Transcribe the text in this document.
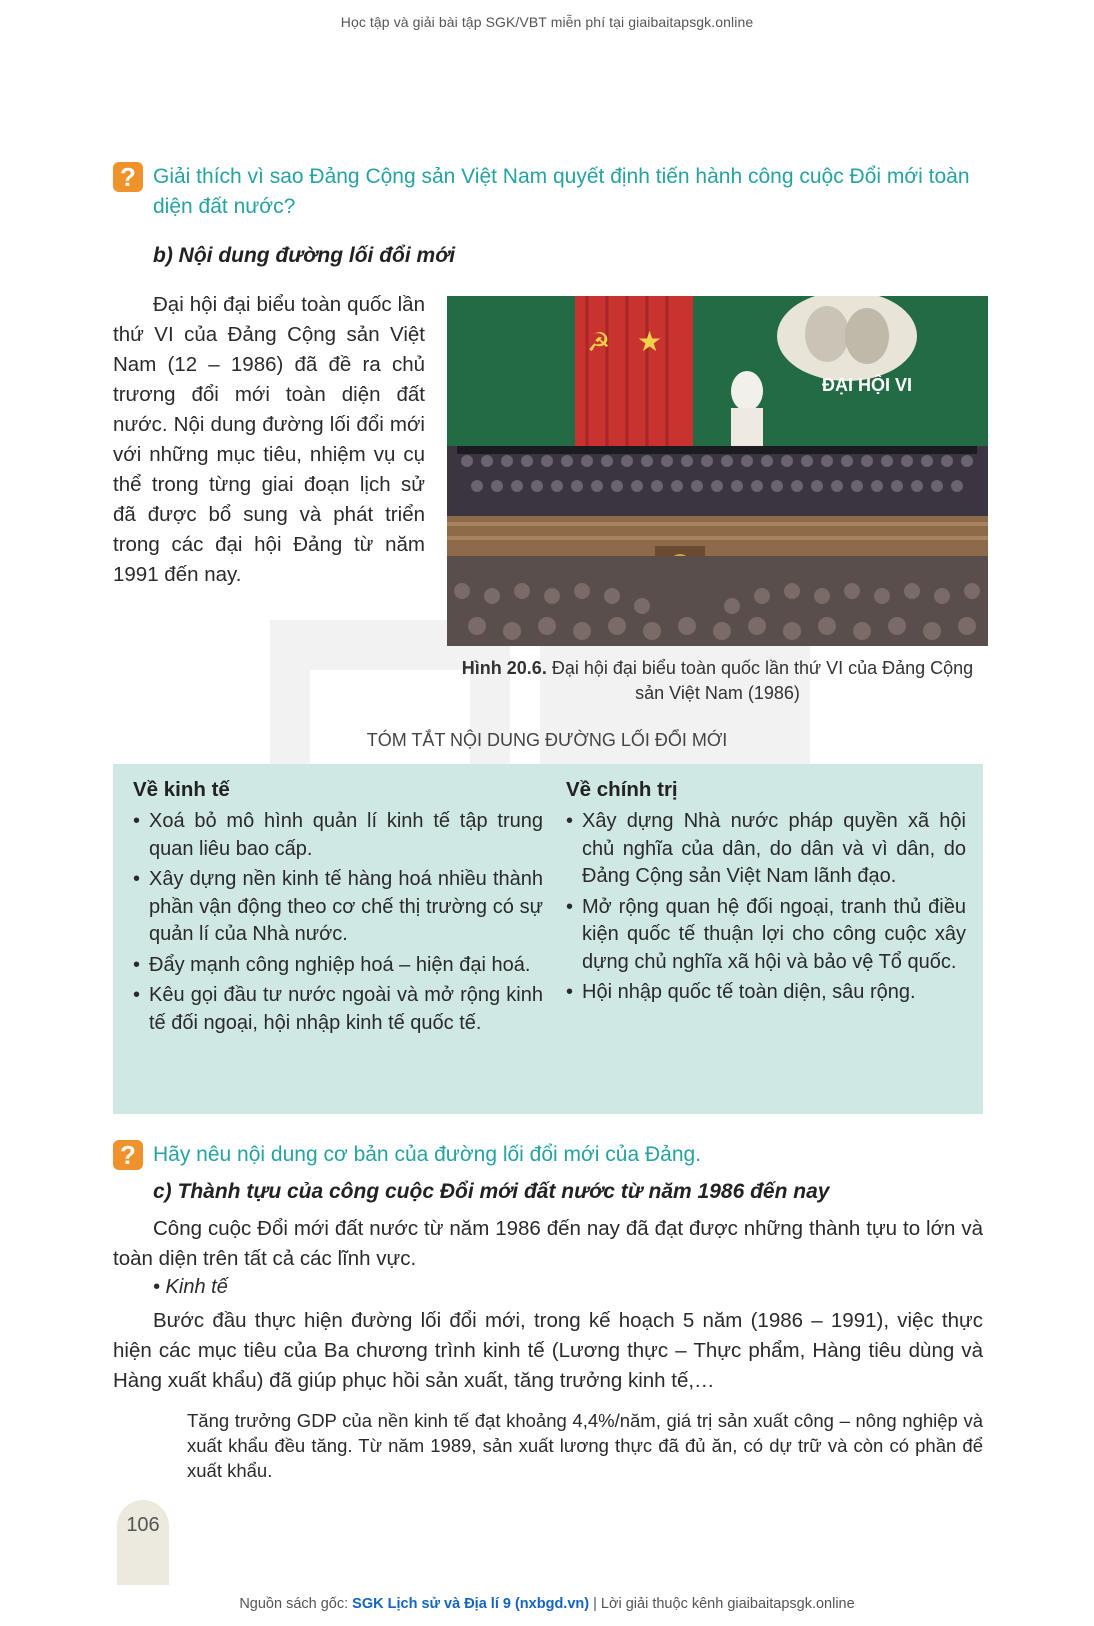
Học tập và giải bài tập SGK/VBT miễn phí tại giaibaitapsgk.online
? Giải thích vì sao Đảng Cộng sản Việt Nam quyết định tiến hành công cuộc Đổi mới toàn diện đất nước?
b) Nội dung đường lối đổi mới

Đại hội đại biểu toàn quốc lần thứ VI của Đảng Cộng sản Việt Nam (12 – 1986) đã đề ra chủ trương đổi mới toàn diện đất nước. Nội dung đường lối đổi mới với những mục tiêu, nhiệm vụ cụ thể trong từng giai đoạn lịch sử đã được bổ sung và phát triển trong các đại hội Đảng từ năm 1991 đến nay.

☭ ★
ĐẠI HỘI VI
Hình 20.6. Đại hội đại biểu toàn quốc lần thứ VI của Đảng Cộng sản Việt Nam (1986)
TÓM TẮT NỘI DUNG ĐƯỜNG LỐI ĐỔI MỚI
Về kinh tế
• Xoá bỏ mô hình quản lí kinh tế tập trung quan liêu bao cấp.
• Xây dựng nền kinh tế hàng hoá nhiều thành phần vận động theo cơ chế thị trường có sự quản lí của Nhà nước.
• Đẩy mạnh công nghiệp hoá – hiện đại hoá.
• Kêu gọi đầu tư nước ngoài và mở rộng kinh tế đối ngoại, hội nhập kinh tế quốc tế.
Về chính trị
• Xây dựng Nhà nước pháp quyền xã hội chủ nghĩa của dân, do dân và vì dân, do Đảng Cộng sản Việt Nam lãnh đạo.
• Mở rộng quan hệ đối ngoại, tranh thủ điều kiện quốc tế thuận lợi cho công cuộc xây dựng chủ nghĩa xã hội và bảo vệ Tổ quốc.
• Hội nhập quốc tế toàn diện, sâu rộng.
? Hãy nêu nội dung cơ bản của đường lối đổi mới của Đảng.
c) Thành tựu của công cuộc Đổi mới đất nước từ năm 1986 đến nay

Công cuộc Đổi mới đất nước từ năm 1986 đến nay đã đạt được những thành tựu to lớn và toàn diện trên tất cả các lĩnh vực.

• Kinh tế

Bước đầu thực hiện đường lối đổi mới, trong kế hoạch 5 năm (1986 – 1991), việc thực hiện các mục tiêu của Ba chương trình kinh tế (Lương thực – Thực phẩm, Hàng tiêu dùng và Hàng xuất khẩu) đã giúp phục hồi sản xuất, tăng trưởng kinh tế,…

Tăng trưởng GDP của nền kinh tế đạt khoảng 4,4%/năm, giá trị sản xuất công – nông nghiệp và xuất khẩu đều tăng. Từ năm 1989, sản xuất lương thực đã đủ ăn, có dự trữ và còn có phần để xuất khẩu.
106
Nguồn sách gốc: SGK Lịch sử và Địa lí 9 (nxbgd.vn) | Lời giải thuộc kênh giaibaitapsgk.online
